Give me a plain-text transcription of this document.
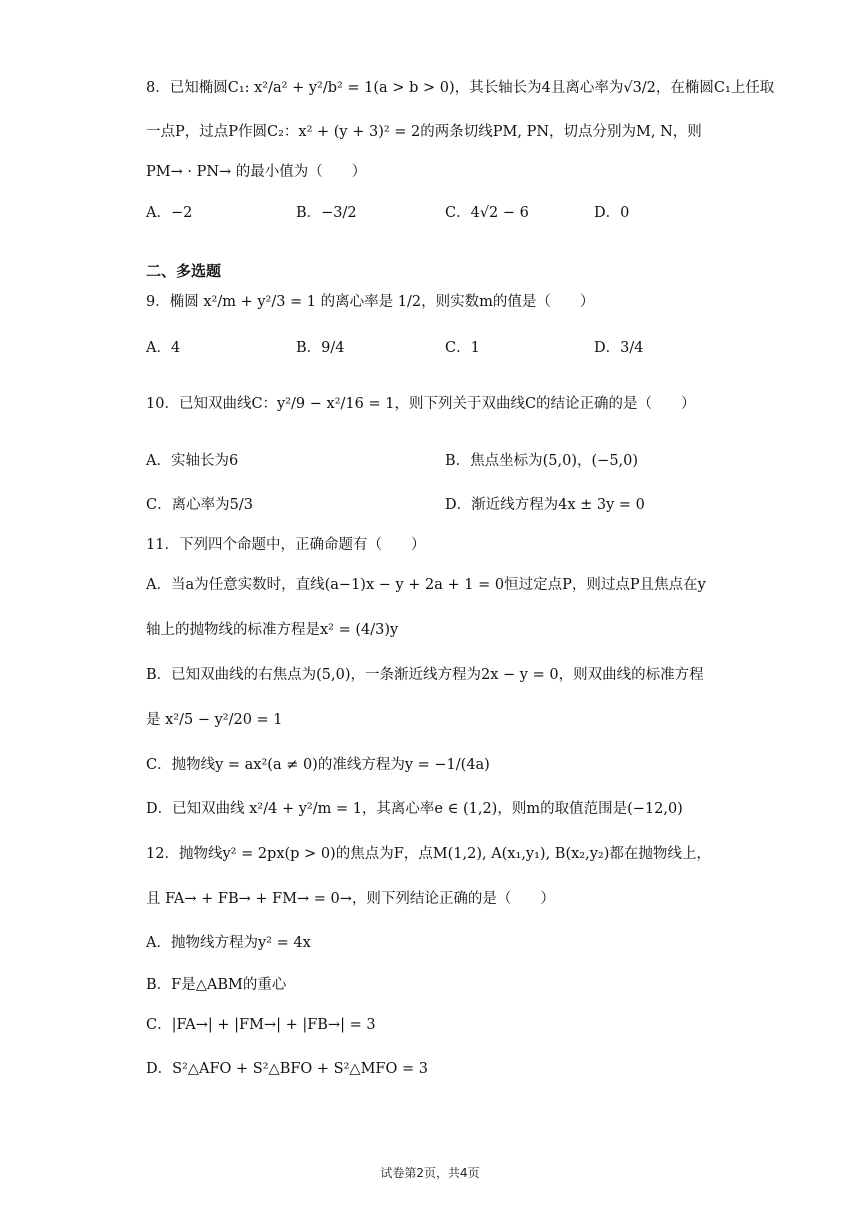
8．已知椭圆C₁: x²/a² + y²/b² = 1(a > b > 0)，其长轴长为4且离心率为√3/2，在椭圆C₁上任取
一点P，过点P作圆C₂：x² + (y + 3)² = 2的两条切线PM, PN，切点分别为M, N，则
PM→ · PN→ 的最小值为（　　）
A．−2	B．−3/2	C．4√2 − 6	D．0
二、多选题
9．椭圆 x²/m + y²/3 = 1 的离心率是 1/2，则实数m的值是（　　）
A．4	B．9/4	C．1	D．3/4
10．已知双曲线C：y²/9 − x²/16 = 1，则下列关于双曲线C的结论正确的是（　　）
A．实轴长为6	B．焦点坐标为(5,0)，(−5,0)
C．离心率为5/3	D．渐近线方程为4x ± 3y = 0
11．下列四个命题中，正确命题有（　　）
A．当a为任意实数时，直线(a−1)x − y + 2a + 1 = 0恒过定点P，则过点P且焦点在y
轴上的抛物线的标准方程是x² = (4/3)y
B．已知双曲线的右焦点为(5,0)，一条渐近线方程为2x − y = 0，则双曲线的标准方程
是 x²/5 − y²/20 = 1
C．抛物线y = ax²(a ≠ 0)的准线方程为y = −1/(4a)
D．已知双曲线 x²/4 + y²/m = 1，其离心率e ∈ (1,2)，则m的取值范围是(−12,0)
12．抛物线y² = 2px(p > 0)的焦点为F，点M(1,2), A(x₁,y₁), B(x₂,y₂)都在抛物线上，
且 FA→ + FB→ + FM→ = 0→，则下列结论正确的是（　　）
A．抛物线方程为y² = 4x
B．F是△ABM的重心
C．|FA→| + |FM→| + |FB→| = 3
D．S²△AFO + S²△BFO + S²△MFO = 3
试卷第2页，共4页
